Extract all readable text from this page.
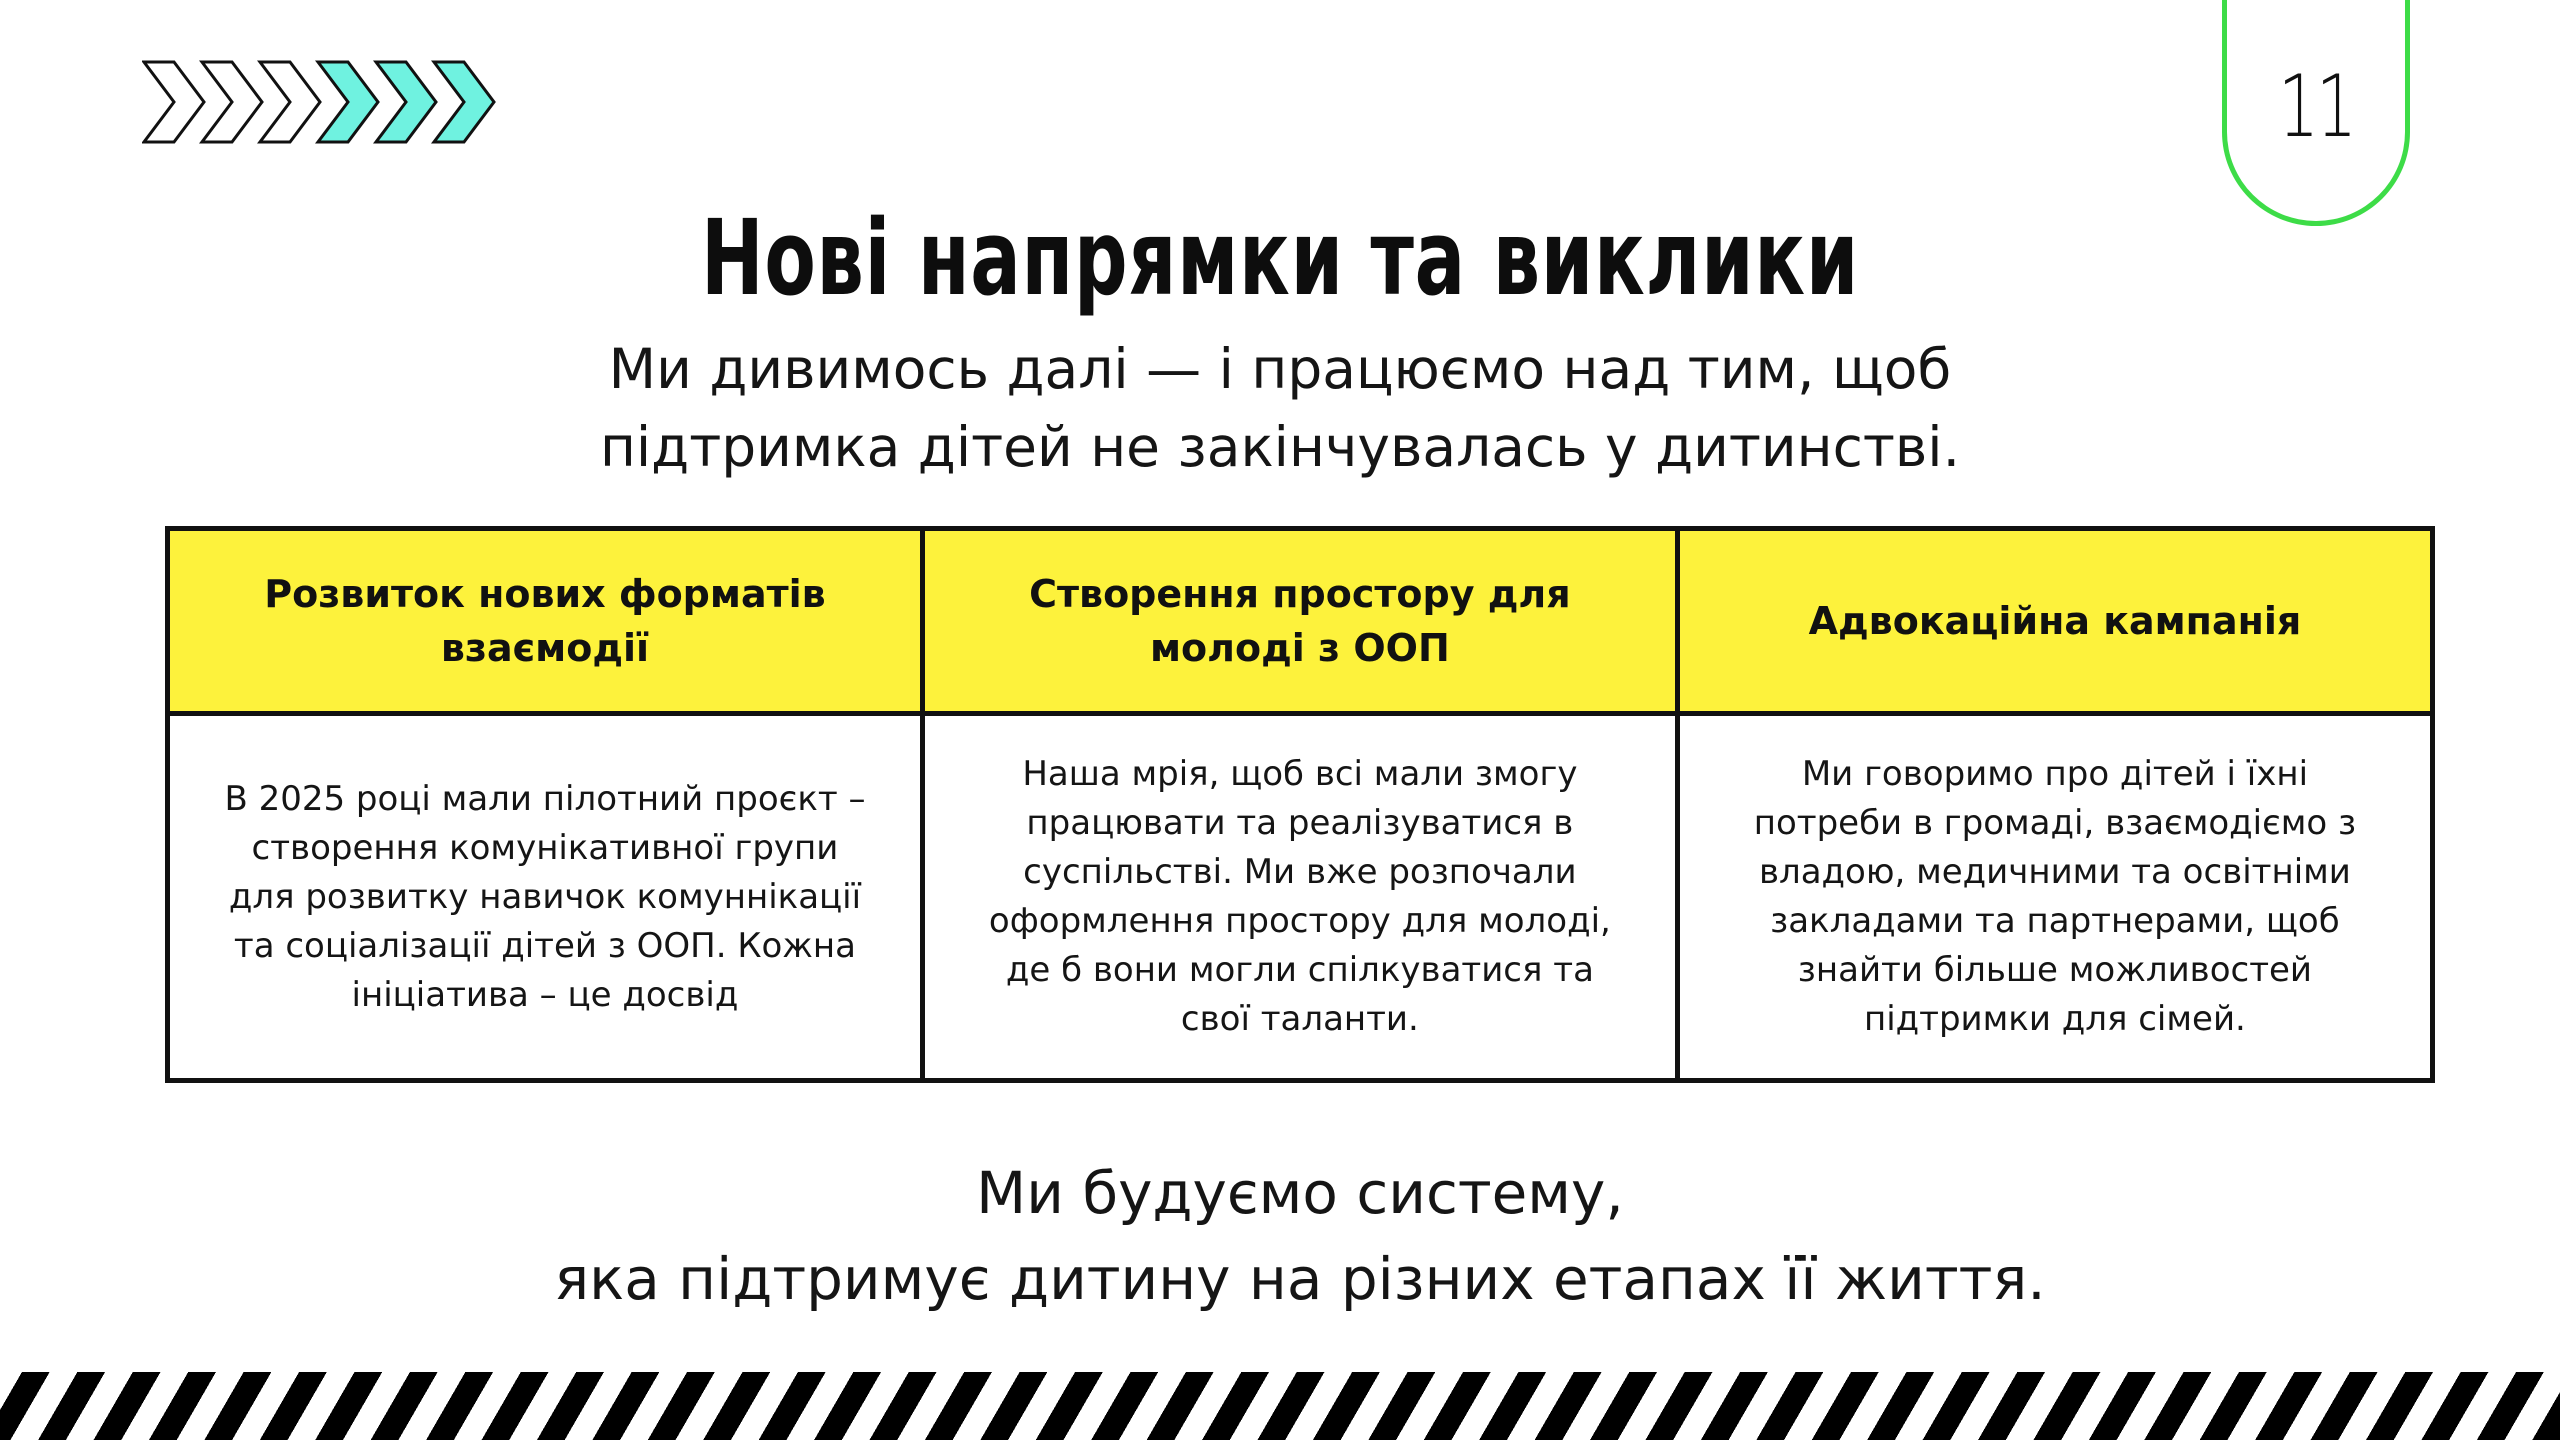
11
Нові напрямки та виклики
Ми дивимось далі — і працюємо над тим, щоб
підтримка дітей не закінчувалась у дитинстві.
Розвиток нових форматів взаємодії	Створення простору для молоді з ООП	Адвокаційна кампанія
В 2025 році мали пілотний проєкт – створення комунікативної групи для розвитку навичок комуннікації та соціалізації дітей з ООП. Кожна ініціатива – це досвід	Наша мрія, щоб всі мали змогу працювати та реалізуватися в суспільстві. Ми вже розпочали оформлення простору для молоді, де б вони могли спілкуватися та свої таланти.	Ми говоримо про дітей і їхні потреби в громаді, взаємодіємо з владою, медичними та освітніми закладами та партнерами, щоб знайти більше можливостей підтримки для сімей.
Ми будуємо систему,
яка підтримує дитину на різних етапах її життя.
